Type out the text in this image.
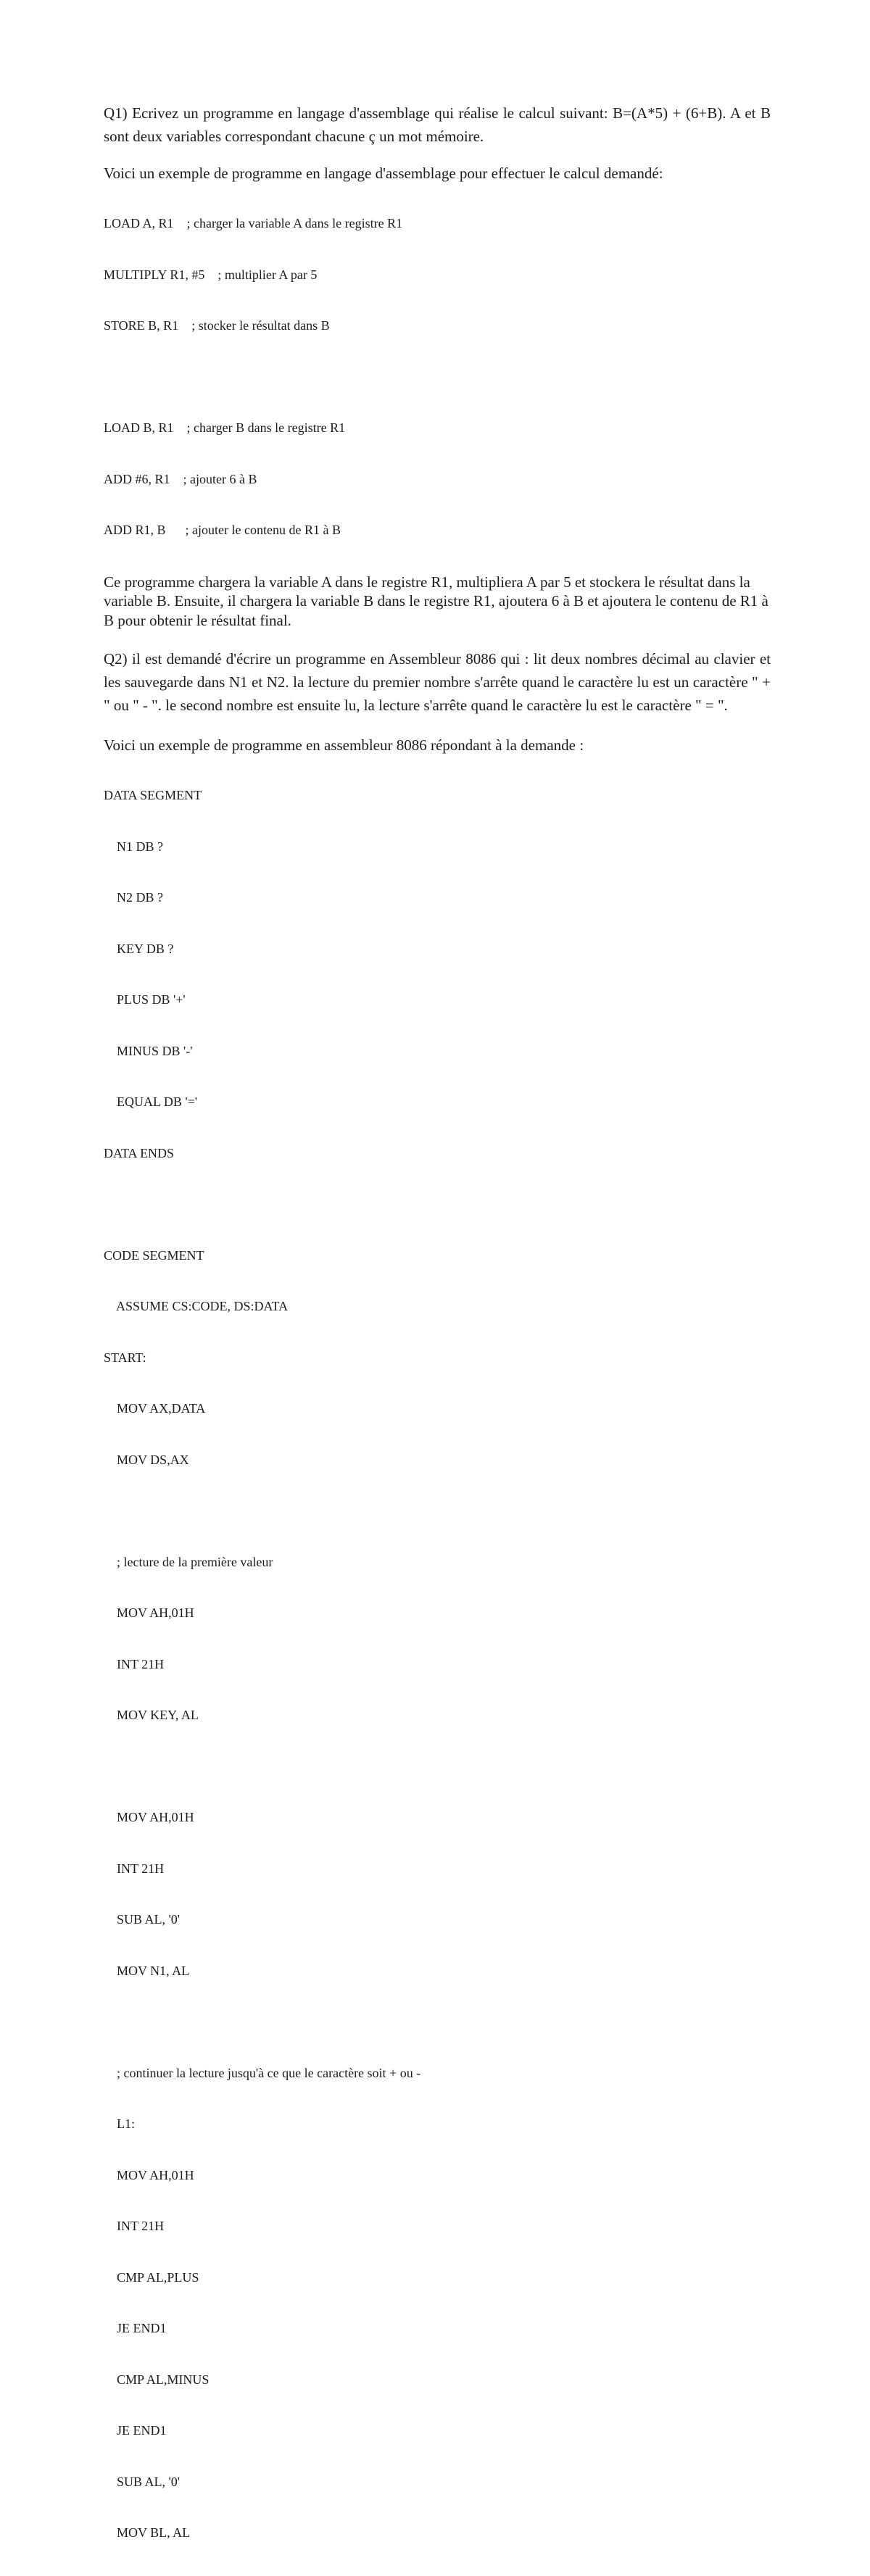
Q1) Ecrivez un programme en langage d'assemblage qui réalise le calcul suivant: B=(A*5) + (6+B). A et B sont deux variables correspondant chacune ç un mot mémoire.

Voici un exemple de programme en langage d'assemblage pour effectuer le calcul demandé:

LOAD A, R1    ; charger la variable A dans le registre R1

MULTIPLY R1, #5    ; multiplier A par 5

STORE B, R1    ; stocker le résultat dans B

LOAD B, R1    ; charger B dans le registre R1

ADD #6, R1    ; ajouter 6 à B

ADD R1, B      ; ajouter le contenu de R1 à B

Ce programme chargera la variable A dans le registre R1, multipliera A par 5 et stockera le résultat dans la variable B. Ensuite, il chargera la variable B dans le registre R1, ajoutera 6 à B et ajoutera le contenu de R1 à B pour obtenir le résultat final.

Q2) il est demandé d'écrire un programme en Assembleur 8086 qui : lit deux nombres décimal au clavier et les sauvegarde dans N1 et N2. la lecture du premier nombre s'arrête quand le caractère lu est un caractère " + " ou " - ". le second nombre est ensuite lu, la lecture s'arrête quand le caractère lu est le caractère " = ".

Voici un exemple de programme en assembleur 8086 répondant à la demande :

DATA SEGMENT

N1 DB ?

N2 DB ?

KEY DB ?

PLUS DB '+'

MINUS DB '-'

EQUAL DB '='

DATA ENDS

CODE SEGMENT

ASSUME CS:CODE, DS:DATA

START:

MOV AX,DATA

MOV DS,AX

; lecture de la première valeur

MOV AH,01H

INT 21H

MOV KEY, AL

MOV AH,01H

INT 21H

SUB AL, '0'

MOV N1, AL

; continuer la lecture jusqu'à ce que le caractère soit + ou -

L1:

MOV AH,01H

INT 21H

CMP AL,PLUS

JE END1

CMP AL,MINUS

JE END1

SUB AL, '0'

MOV BL, AL
